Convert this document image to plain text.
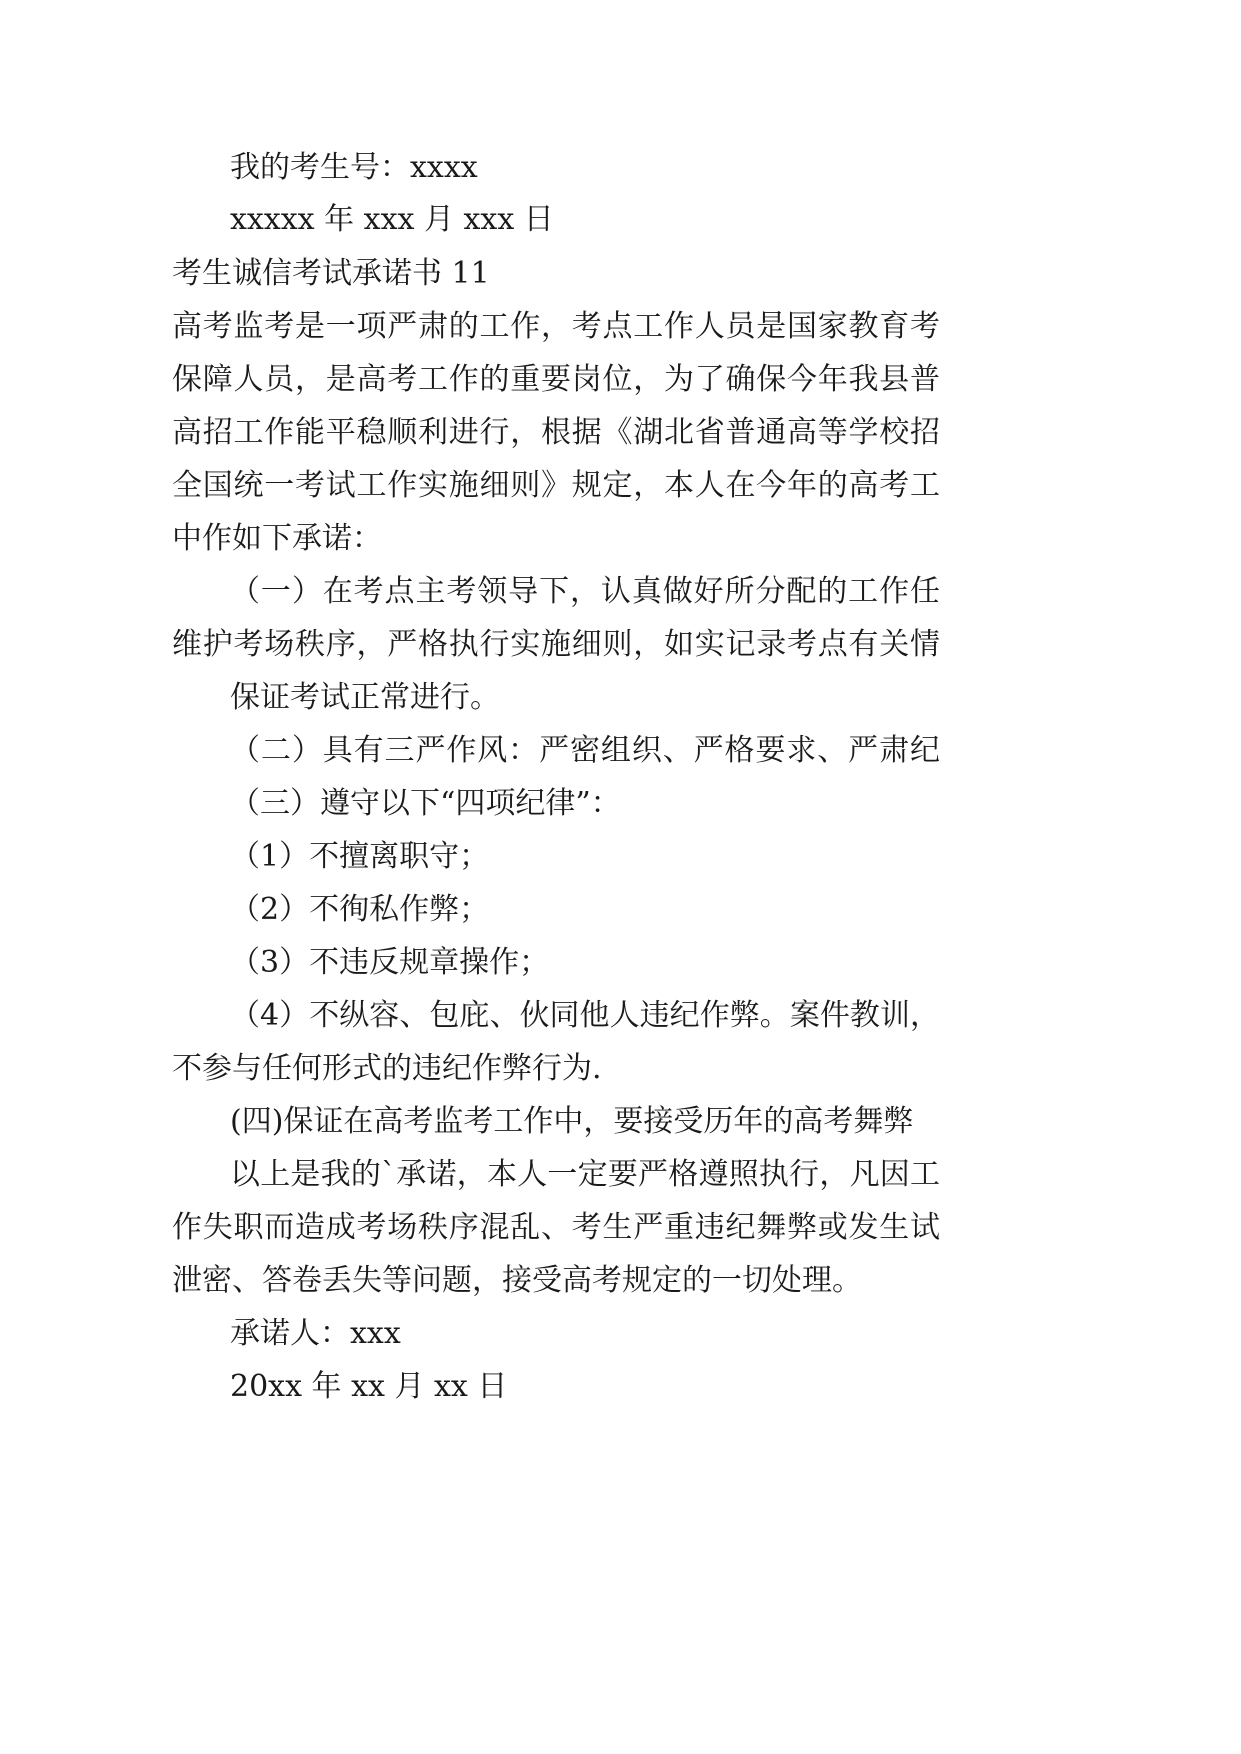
我的考生号：xxxx
xxxxx 年 xxx 月 xxx 日
考生诚信考试承诺书 11
高考监考是一项严肃的工作，考点工作人员是国家教育考
保障人员，是高考工作的重要岗位，为了确保今年我县普
高招工作能平稳顺利进行，根据《湖北省普通高等学校招
全国统一考试工作实施细则》规定，本人在今年的高考工
中作如下承诺：
（一）在考点主考领导下，认真做好所分配的工作任
维护考场秩序，严格执行实施细则，如实记录考点有关情
保证考试正常进行。
（二）具有三严作风：严密组织、严格要求、严肃纪
（三）遵守以下“四项纪律”：
（1）不擅离职守；
（2）不徇私作弊；
（3）不违反规章操作；
（4）不纵容、包庇、伙同他人违纪作弊。案件教训，
不参与任何形式的违纪作弊行为.
(四)保证在高考监考工作中，要接受历年的高考舞弊
以上是我的`承诺，本人一定要严格遵照执行，凡因工
作失职而造成考场秩序混乱、考生严重违纪舞弊或发生试
泄密、答卷丢失等问题，接受高考规定的一切处理。
承诺人：xxx
20xx 年 xx 月 xx 日
